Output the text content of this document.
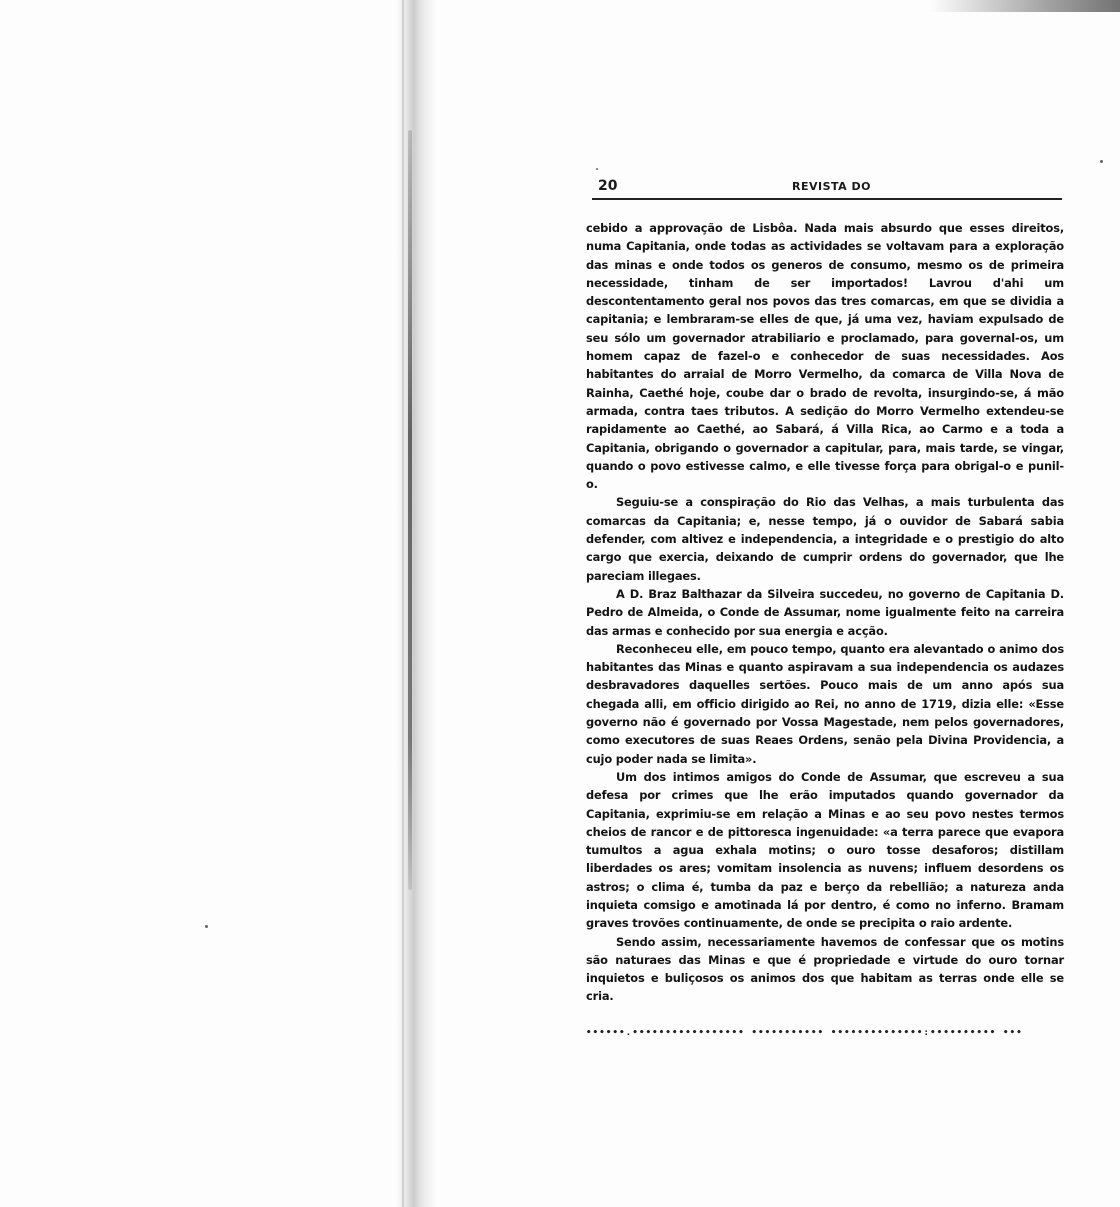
20	REVISTA DO

cebido a approvação de Lisbôa. Nada mais absurdo que esses direitos, numa Capitania, onde todas as actividades se voltavam para a exploração das minas e onde todos os generos de consumo, mesmo os de primeira necessidade, tinham de ser importados! Lavrou d'ahi um descontentamento geral nos povos das tres comarcas, em que se dividia a capitania; e lembraram-se elles de que, já uma vez, haviam expulsado de seu sólo um governador atrabiliario e proclamado, para governal-os, um homem capaz de fazel-o e conhecedor de suas necessidades. Aos habitantes do arraial de Morro Vermelho, da comarca de Villa Nova de Rainha, Caethé hoje, coube dar o brado de revolta, insurgindo-se, á mão armada, contra taes tributos. A sedição do Morro Vermelho extendeu-se rapidamente ao Caethé, ao Sabará, á Villa Rica, ao Carmo e a toda a Capitania, obrigando o governador a capitular, para, mais tarde, se vingar, quando o povo estivesse calmo, e elle tivesse força para obrigal-o e punil-o.

Seguiu-se a conspiração do Rio das Velhas, a mais turbulenta das comarcas da Capitania; e, nesse tempo, já o ouvidor de Sabará sabia defender, com altivez e independencia, a integridade e o prestigio do alto cargo que exercia, deixando de cumprir ordens do governador, que lhe pareciam illegaes.

A D. Braz Balthazar da Silveira succedeu, no governo de Capitania D. Pedro de Almeida, o Conde de Assumar, nome igualmente feito na carreira das armas e conhecido por sua energia e acção.

Reconheceu elle, em pouco tempo, quanto era alevantado o animo dos habitantes das Minas e quanto aspiravam a sua independencia os audazes desbravadores daquelles sertões. Pouco mais de um anno após sua chegada alli, em officio dirigido ao Rei, no anno de 1719, dizia elle: «Esse governo não é governado por Vossa Magestade, nem pelos governadores, como executores de suas Reaes Ordens, senão pela Divina Providencia, a cujo poder nada se limita».

Um dos intimos amigos do Conde de Assumar, que escreveu a sua defesa por crimes que lhe erão imputados quando governador da Capitania, exprimiu-se em relação a Minas e ao seu povo nestes termos cheios de rancor e de pittoresca ingenuidade: «a terra parece que evapora tumultos a agua exhala motins; o ouro tosse desaforos; distillam liberdades os ares; vomitam insolencia as nuvens; influem desordens os astros; o clima é, tumba da paz e berço da rebellião; a natureza anda inquieta comsigo e amotinada lá por dentro, é como no inferno. Bramam graves trovões continuamente, de onde se precipita o raio ardente.

Sendo assim, necessariamente havemos de confessar que os motins são naturaes das Minas e que é propriedade e virtude do ouro tornar inquietos e buliçosos os animos dos que habitam as terras onde elle se cria.

••••••.••••••••••••••••• ••••••••••• ••••••••••••••:•••••••••• •••
